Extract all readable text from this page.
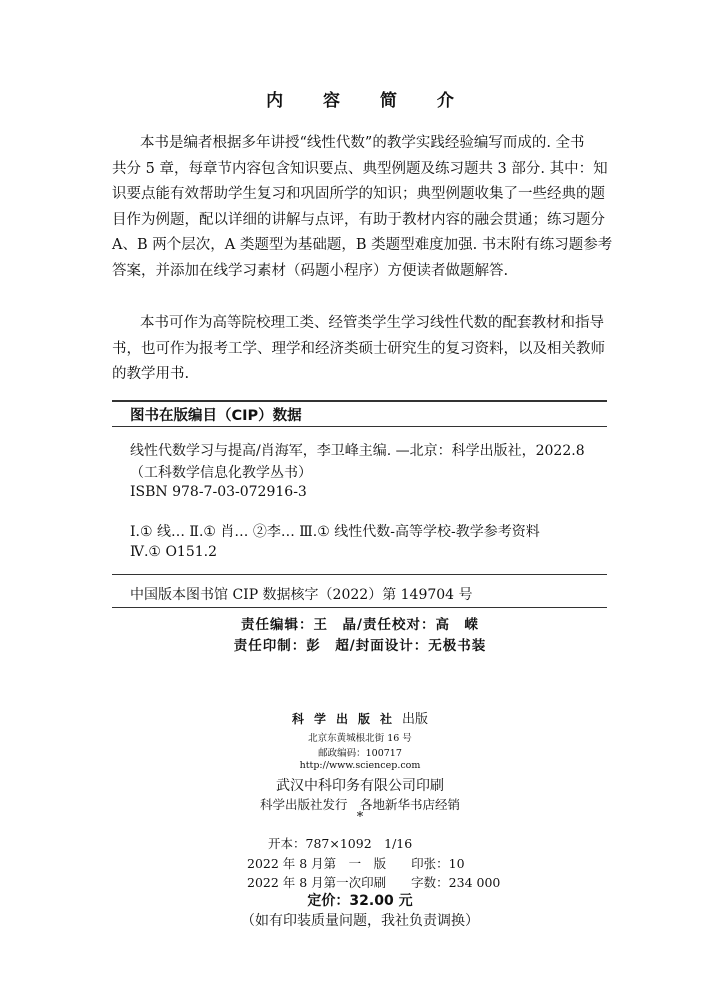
内 容 简 介
本书是编者根据多年讲授“线性代数”的教学实践经验编写而成的. 全书
共分 5 章，每章节内容包含知识要点、典型例题及练习题共 3 部分. 其中：知
识要点能有效帮助学生复习和巩固所学的知识；典型例题收集了一些经典的题
目作为例题，配以详细的讲解与点评，有助于教材内容的融会贯通；练习题分
A、B 两个层次，A 类题型为基础题，B 类题型难度加强. 书末附有练习题参考
答案，并添加在线学习素材（码题小程序）方便读者做题解答.
本书可作为高等院校理工类、经管类学生学习线性代数的配套教材和指导
书，也可作为报考工学、理学和经济类硕士研究生的复习资料，以及相关教师
的教学用书.
图书在版编目（CIP）数据
线性代数学习与提高/肖海军，李卫峰主编. —北京：科学出版社，2022.8
（工科数学信息化教学丛书）
ISBN 978-7-03-072916-3
Ⅰ.① 线… Ⅱ.① 肖… ②李… Ⅲ.① 线性代数-高等学校-教学参考资料
Ⅳ.① O151.2
中国版本图书馆 CIP 数据核字（2022）第 149704 号
责任编辑：王　晶/责任校对：高　嵘
责任印制：彭　超/封面设计：无极书装
科学出版社出版
北京东黄城根北街 16 号
邮政编码：100717
http://www.sciencep.com
武汉中科印务有限公司印刷
科学出版社发行　各地新华书店经销
*
开本：787×1092　1/16
2022 年 8 月第　一　版　　印张：10
2022 年 8 月第一次印刷　　字数：234 000
定价：32.00 元
（如有印装质量问题，我社负责调换）
